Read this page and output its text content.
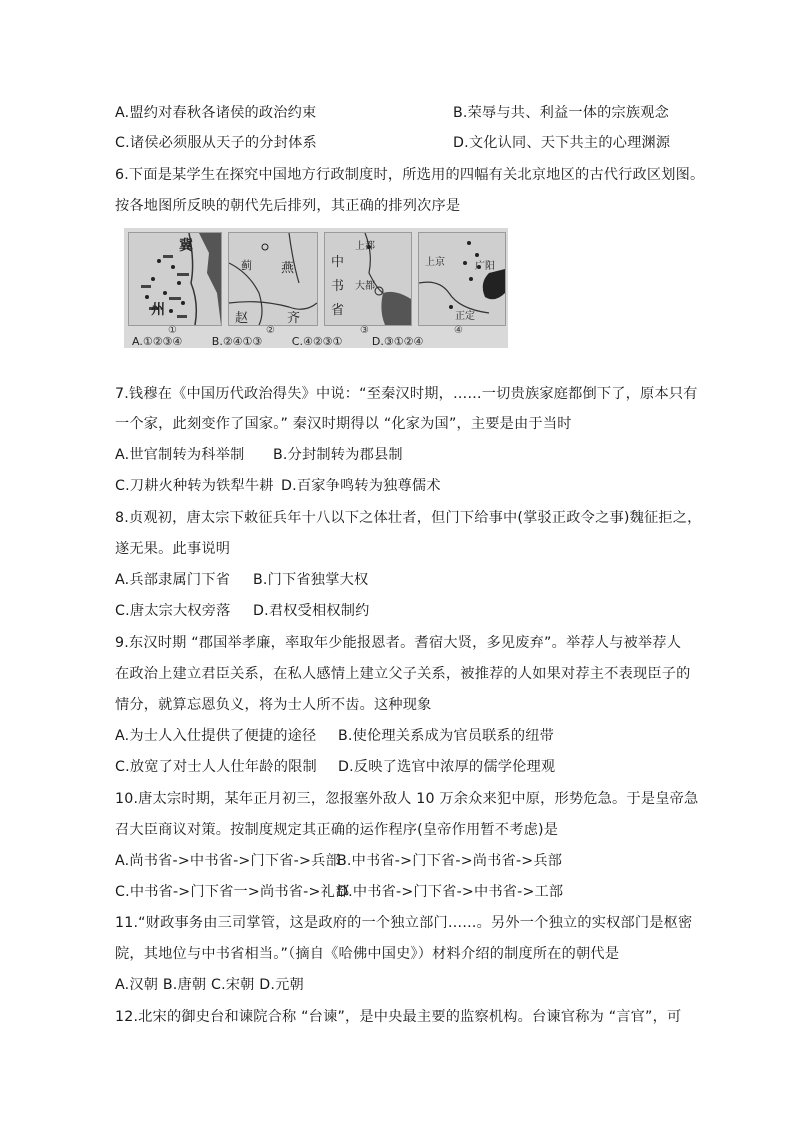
A.盟约对春秋各诸侯的政治约束	B.荣辱与共、利益一体的宗族观念
C.诸侯必须服从天子的分封体系	D.文化认同、天下共主的心理渊源
6.下面是某学生在探究中国地方行政制度时，所选用的四幅有关北京地区的古代行政区划图。
按各地图所反映的朝代先后排列，其正确的排列次序是
冀
州
①
蓟 燕
赵	齐
②
上都
中
书
省
大都
③
上京	广阳
正定
④
A.①②③④	B.②④①③	C.④②③①	D.③①②④
7.钱穆在《中国历代政治得失》中说：“至秦汉时期，……一切贵族家庭都倒下了，原本只有
一个家，此刻变作了国家。” 秦汉时期得以 “化家为国”，主要是由于当时
A.世官制转为科举制 B.分封制转为郡县制
C.刀耕火种转为铁犁牛耕 D.百家争鸣转为独尊儒术
8.贞观初，唐太宗下敕征兵年十八以下之体壮者，但门下给事中(掌驳正政令之事)魏征拒之，
遂无果。此事说明
A.兵部隶属门下省 B.门下省独掌大权
C.唐太宗大权旁落 D.君权受相权制约
9.东汉时期 “郡国举孝廉，率取年少能报恩者。耆宿大贤，多见废弃”。举荐人与被举荐人
在政治上建立君臣关系，在私人感情上建立父子关系，被推荐的人如果对荐主不表现臣子的
情分，就算忘恩负义，将为士人所不齿。这种现象
A.为士人入仕提供了便捷的途径 B.使伦理关系成为官员联系的纽带
C.放宽了对士人人仕年龄的限制 D.反映了选官中浓厚的儒学伦理观
10.唐太宗时期，某年正月初三，忽报塞外敌人 10 万余众来犯中原，形势危急。于是皇帝急
召大臣商议对策。按制度规定其正确的运作程序(皇帝作用暂不考虑)是
A.尚书省->中书省->门下省->兵部
B.中书省->门下省->尚书省->兵部
C.中书省->门下省一>尚书省->礼部
D.中书省->门下省->中书省->工部
11.“财政事务由三司掌管，这是政府的一个独立部门……。另外一个独立的实权部门是枢密
院，其地位与中书省相当。”（摘自《哈佛中国史》）材料介绍的制度所在的朝代是
A.汉朝 B.唐朝 C.宋朝 D.元朝
12.北宋的御史台和谏院合称 “台谏”，是中央最主要的监察机构。台谏官称为 “言官”，可
